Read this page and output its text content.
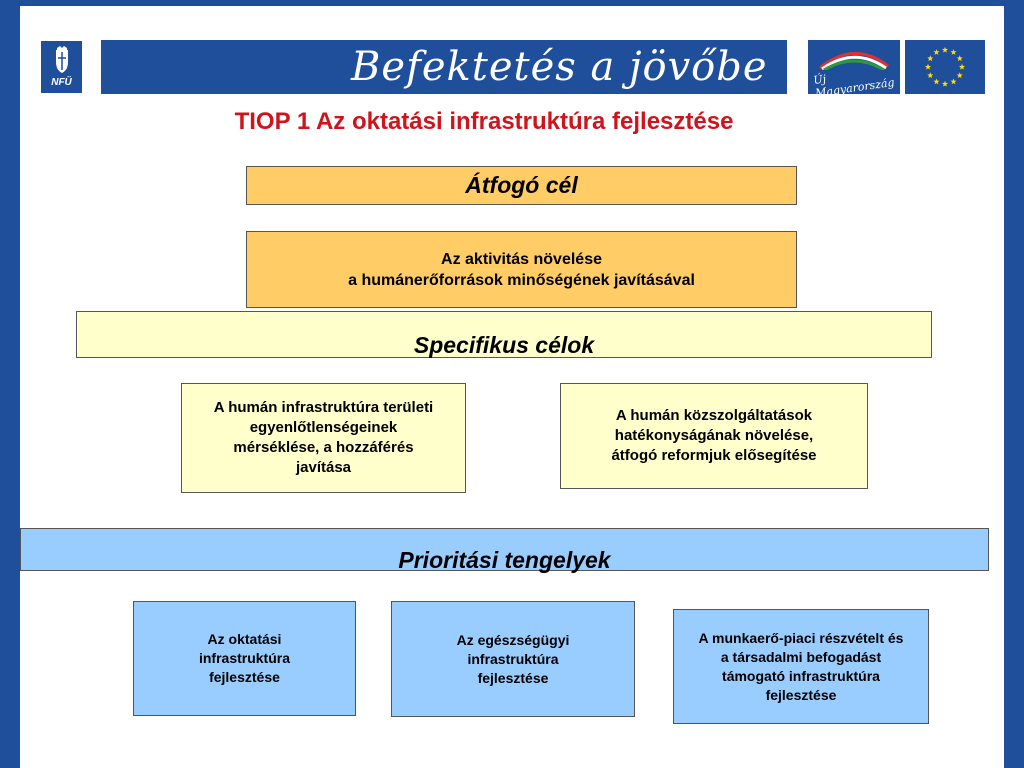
NFÜ	Befektetés a jövőbe	Új Magyarország
TIOP 1 Az oktatási infrastruktúra fejlesztése
Átfogó cél
Az aktivitás növelése
a humánerőforrások minőségének javításával
Specifikus célok
A humán infrastruktúra területi
egyenlőtlenségeinek
mérséklése, a hozzáférés
javítása
A humán közszolgáltatások
hatékonyságának növelése,
átfogó reformjuk elősegítése
Prioritási tengelyek
Az oktatási
infrastruktúra
fejlesztése
Az egészségügyi
infrastruktúra
fejlesztése
A munkaerő-piaci részvételt és
a társadalmi befogadást
támogató infrastruktúra
fejlesztése
